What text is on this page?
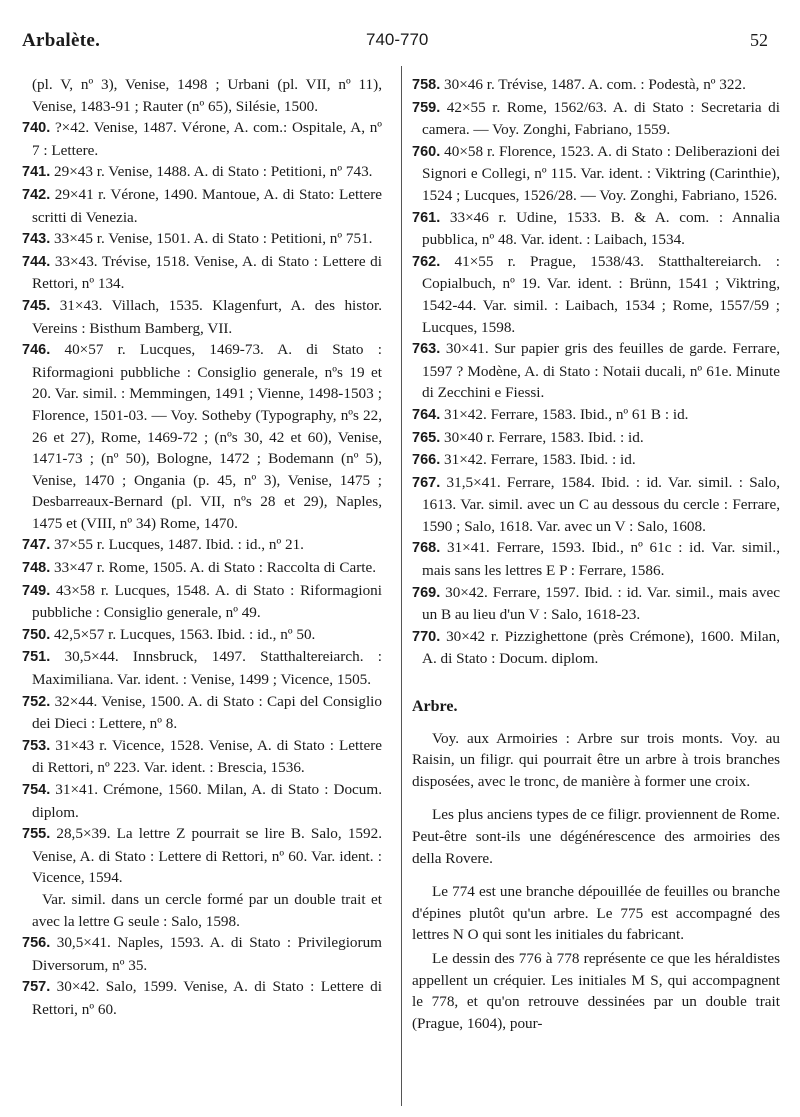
Arbalète.	740-770	52

(pl. V, nº 3), Venise, 1498 ; Urbani (pl. VII, nº 11), Venise, 1483-91 ; Rauter (nº 65), Silésie, 1500.

740. ?×42. Venise, 1487. Vérone, A. com.: Ospitale, A, nº 7 : Lettere.

741. 29×43 r. Venise, 1488. A. di Stato : Petitioni, nº 743.

742. 29×41 r. Vérone, 1490. Mantoue, A. di Stato: Lettere scritti di Venezia.

743. 33×45 r. Venise, 1501. A. di Stato : Petitioni, nº 751.

744. 33×43. Trévise, 1518. Venise, A. di Stato : Lettere di Rettori, nº 134.

745. 31×43. Villach, 1535. Klagenfurt, A. des histor. Vereins : Bisthum Bamberg, VII.

746. 40×57 r. Lucques, 1469-73. A. di Stato : Riformagioni pubbliche : Consiglio generale, nºs 19 et 20. Var. simil. : Memmingen, 1491 ; Vienne, 1498-1503 ; Florence, 1501-03. — Voy. Sotheby (Typography, nºs 22, 26 et 27), Rome, 1469-72 ; (nºs 30, 42 et 60), Venise, 1471-73 ; (nº 50), Bologne, 1472 ; Bodemann (nº 5), Venise, 1470 ; Ongania (p. 45, nº 3), Venise, 1475 ; Desbarreaux-Bernard (pl. VII, nºs 28 et 29), Naples, 1475 et (VIII, nº 34) Rome, 1470.

747. 37×55 r. Lucques, 1487. Ibid. : id., nº 21.

748. 33×47 r. Rome, 1505. A. di Stato : Raccolta di Carte.

749. 43×58 r. Lucques, 1548. A. di Stato : Riformagioni pubbliche : Consiglio generale, nº 49.

750. 42,5×57 r. Lucques, 1563. Ibid. : id., nº 50.

751. 30,5×44. Innsbruck, 1497. Statthaltereiarch. : Maximiliana. Var. ident. : Venise, 1499 ; Vicence, 1505.

752. 32×44. Venise, 1500. A. di Stato : Capi del Consiglio dei Dieci : Lettere, nº 8.

753. 31×43 r. Vicence, 1528. Venise, A. di Stato : Lettere di Rettori, nº 223. Var. ident. : Brescia, 1536.

754. 31×41. Crémone, 1560. Milan, A. di Stato : Docum. diplom.

755. 28,5×39. La lettre Z pourrait se lire B. Salo, 1592. Venise, A. di Stato : Lettere di Rettori, nº 60. Var. ident. : Vicence, 1594.

Var. simil. dans un cercle formé par un double trait et avec la lettre G seule : Salo, 1598.

756. 30,5×41. Naples, 1593. A. di Stato : Privilegiorum Diversorum, nº 35.

757. 30×42. Salo, 1599. Venise, A. di Stato : Lettere di Rettori, nº 60.

758. 30×46 r. Trévise, 1487. A. com. : Podestà, nº 322.

759. 42×55 r. Rome, 1562/63. A. di Stato : Secretaria di camera. — Voy. Zonghi, Fabriano, 1559.

760. 40×58 r. Florence, 1523. A. di Stato : Deliberazioni dei Signori e Collegi, nº 115. Var. ident. : Viktring (Carinthie), 1524 ; Lucques, 1526/28. — Voy. Zonghi, Fabriano, 1526.

761. 33×46 r. Udine, 1533. B. & A. com. : Annalia pubblica, nº 48. Var. ident. : Laibach, 1534.

762. 41×55 r. Prague, 1538/43. Statthaltereiarch. : Copialbuch, nº 19. Var. ident. : Brünn, 1541 ; Viktring, 1542-44. Var. simil. : Laibach, 1534 ; Rome, 1557/59 ; Lucques, 1598.

763. 30×41. Sur papier gris des feuilles de garde. Ferrare, 1597 ? Modène, A. di Stato : Notaii ducali, nº 61e. Minute di Zecchini e Fiessi.

764. 31×42. Ferrare, 1583. Ibid., nº 61 B : id.

765. 30×40 r. Ferrare, 1583. Ibid. : id.

766. 31×42. Ferrare, 1583. Ibid. : id.

767. 31,5×41. Ferrare, 1584. Ibid. : id. Var. simil. : Salo, 1613. Var. simil. avec un C au dessous du cercle : Ferrare, 1590 ; Salo, 1618. Var. avec un V : Salo, 1608.

768. 31×41. Ferrare, 1593. Ibid., nº 61c : id. Var. simil., mais sans les lettres E P : Ferrare, 1586.

769. 30×42. Ferrare, 1597. Ibid. : id. Var. simil., mais avec un B au lieu d'un V : Salo, 1618-23.

770. 30×42 r. Pizzighettone (près Crémone), 1600. Milan, A. di Stato : Docum. diplom.

Arbre.

Voy. aux Armoiries : Arbre sur trois monts. Voy. au Raisin, un filigr. qui pourrait être un arbre à trois branches disposées, avec le tronc, de manière à former une croix.

Les plus anciens types de ce filigr. proviennent de Rome. Peut-être sont-ils une dégénérescence des armoiries des della Rovere.

Le 774 est une branche dépouillée de feuilles ou branche d'épines plutôt qu'un arbre. Le 775 est accompagné des lettres N O qui sont les initiales du fabricant.

Le dessin des 776 à 778 représente ce que les héraldistes appellent un créquier. Les initiales M S, qui accompagnent le 778, et qu'on retrouve dessinées par un double trait (Prague, 1604), pour-
